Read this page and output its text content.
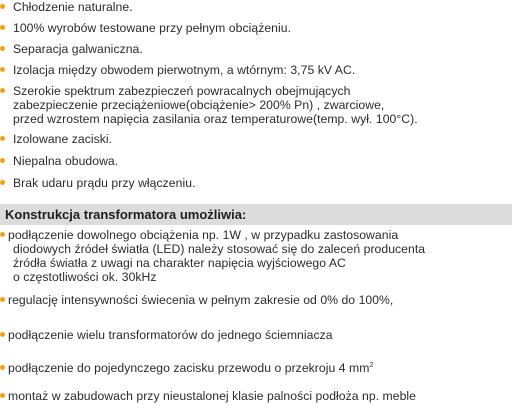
Chłodzenie naturalne.
100% wyrobów testowane przy pełnym obciążeniu.
Separacja galwaniczna.
Izolacja między obwodem pierwotnym, a wtórnym: 3,75 kV AC.
Szerokie spektrum zabezpieczeń powracalnych obejmujących
zabezpieczenie przeciążeniowe(obciążenie> 200% Pn) , zwarciowe,
przed wzrostem napięcia zasilania oraz temperaturowe(temp. wył. 100°C).
Izolowane zaciski.
Niepalna obudowa.
Brak udaru prądu przy włączeniu.
Konstrukcja transformatora umożliwia:
podłączenie dowolnego obciążenia np. 1W , w przypadku zastosowania
diodowych źródeł światła (LED) należy stosować się do zaleceń producenta
źródła światła z uwagi na charakter napięcia wyjściowego AC
o częstotliwości ok. 30kHz
regulację intensywności świecenia w pełnym zakresie od 0% do 100%,
podłączenie wielu transformatorów do jednego ściemniacza
podłączenie do pojedynczego zacisku przewodu o przekroju 4 $mm^2$
montaż w zabudowach przy nieustalonej klasie palności podłoża np. meble
